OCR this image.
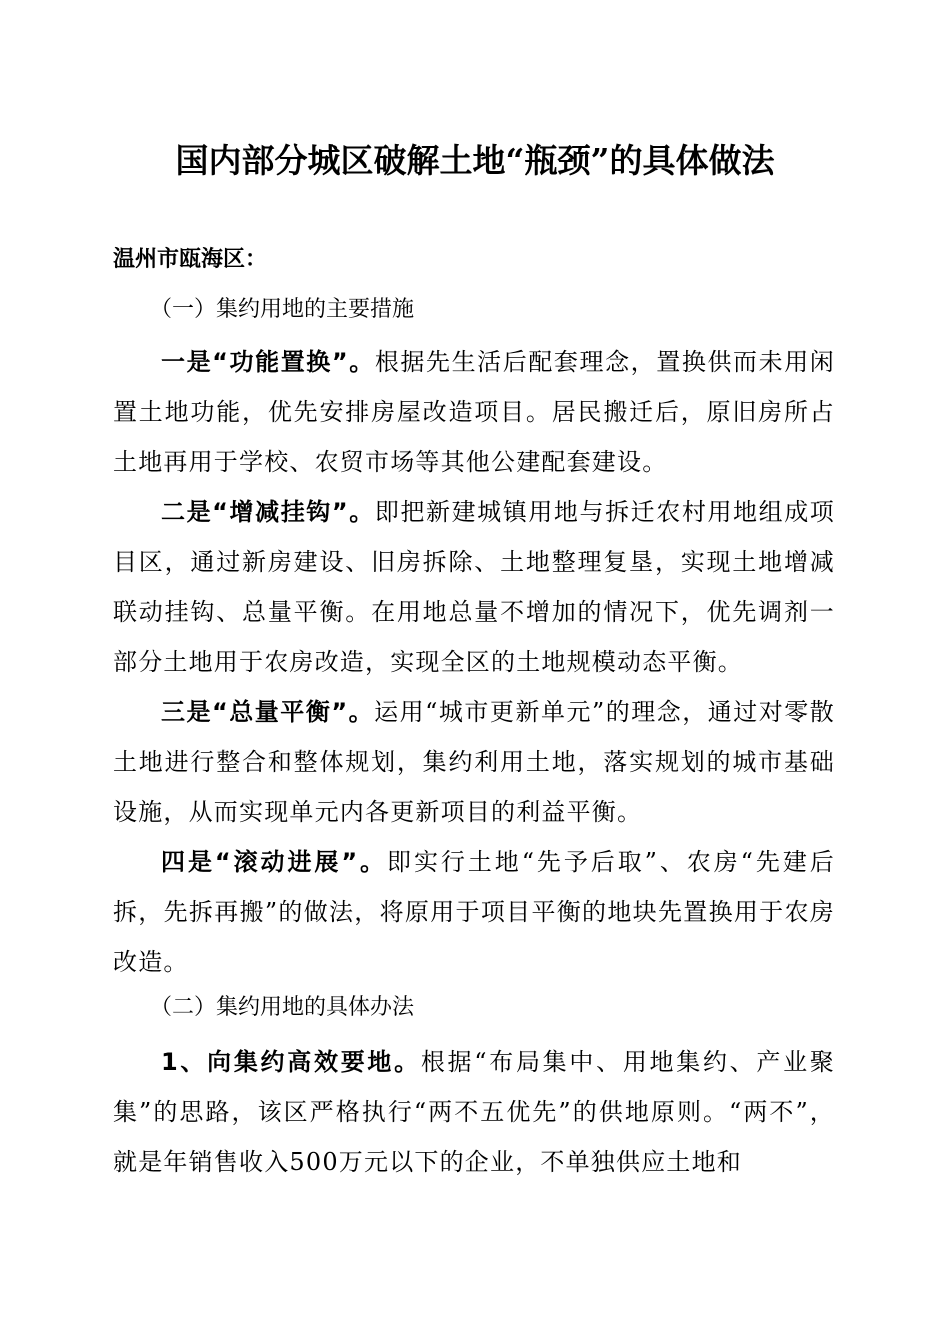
国内部分城区破解土地“瓶颈”的具体做法
温州市瓯海区：
（一）集约用地的主要措施
一是“功能置换”。根据先生活后配套理念，置换供而未用闲置土地功能，优先安排房屋改造项目。居民搬迁后，原旧房所占土地再用于学校、农贸市场等其他公建配套建设。
二是“增减挂钩”。即把新建城镇用地与拆迁农村用地组成项目区，通过新房建设、旧房拆除、土地整理复垦，实现土地增减联动挂钩、总量平衡。在用地总量不增加的情况下，优先调剂一部分土地用于农房改造，实现全区的土地规模动态平衡。
三是“总量平衡”。运用“城市更新单元”的理念，通过对零散土地进行整合和整体规划，集约利用土地，落实规划的城市基础设施，从而实现单元内各更新项目的利益平衡。
四是“滚动进展”。即实行土地“先予后取”、农房“先建后拆，先拆再搬”的做法，将原用于项目平衡的地块先置换用于农房改造。
（二）集约用地的具体办法
1、向集约高效要地。根据“布局集中、用地集约、产业聚集”的思路，该区严格执行“两不五优先”的供地原则。“两不”，就是年销售收入500万元以下的企业，不单独供应土地和
